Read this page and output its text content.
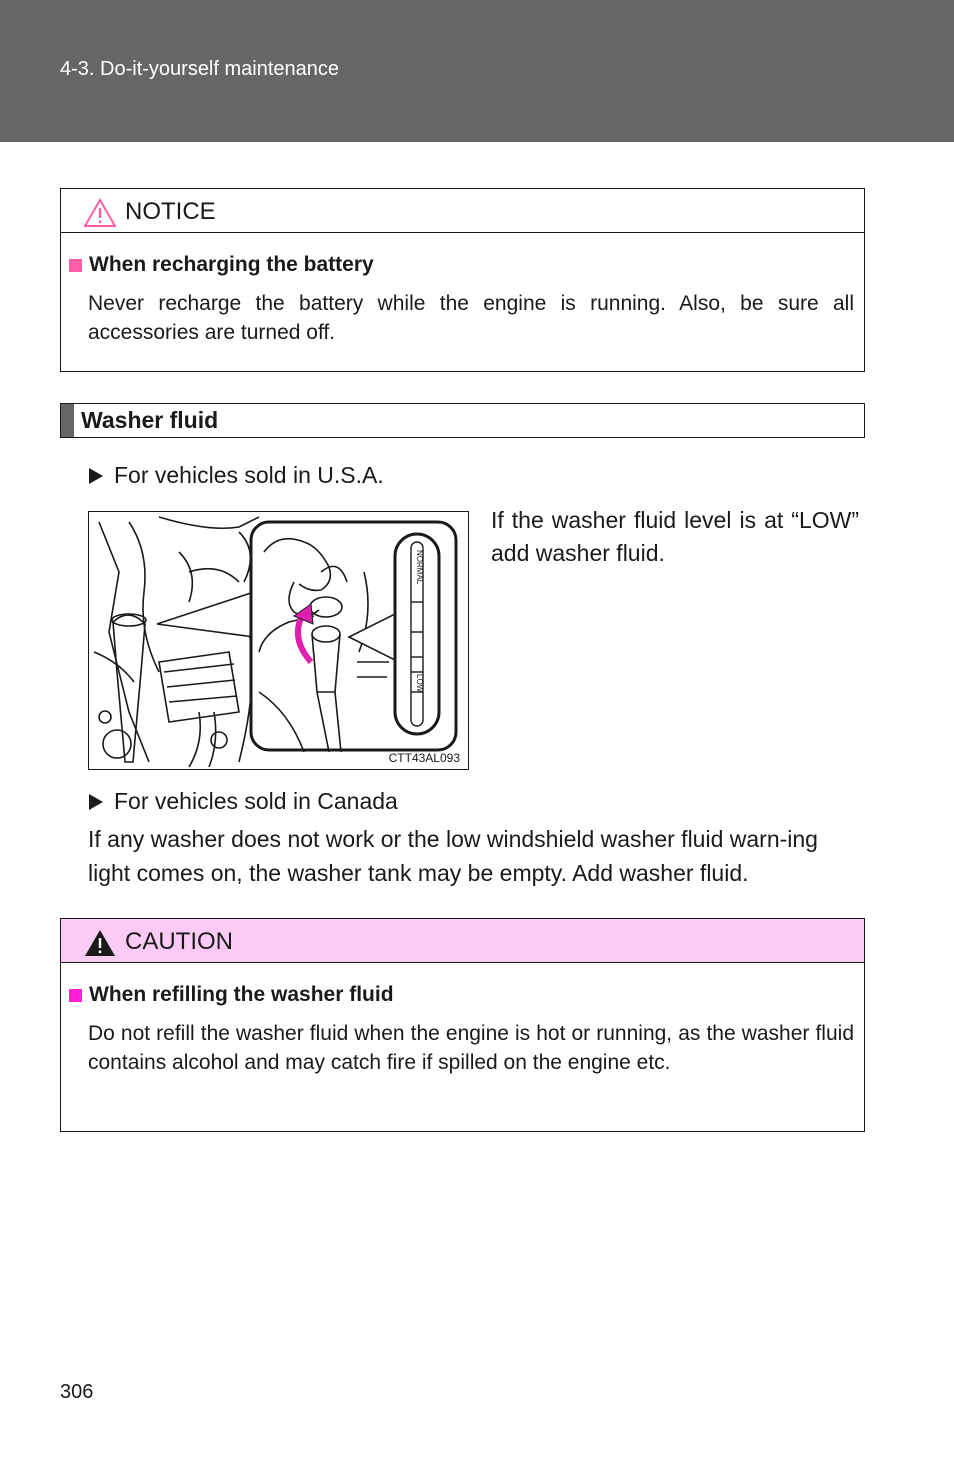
4-3. Do-it-yourself maintenance
NOTICE
When recharging the battery
Never recharge the battery while the engine is running. Also, be sure all accessories are turned off.
Washer fluid
For vehicles sold in U.S.A.
NORMAL
LOW
CTT43AL093
If the washer fluid level is at “LOW” add washer fluid.
For vehicles sold in Canada
If any washer does not work or the low windshield washer fluid warn-ing light comes on, the washer tank may be empty. Add washer fluid.
CAUTION
When refilling the washer fluid
Do not refill the washer fluid when the engine is hot or running, as the washer fluid contains alcohol and may catch fire if spilled on the engine etc.
306
